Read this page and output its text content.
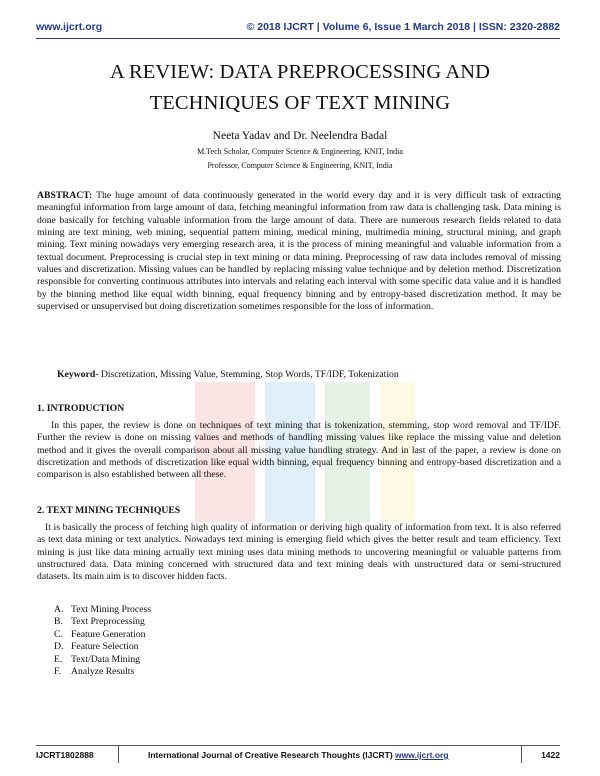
www.ijcrt.org	© 2018 IJCRT | Volume 6, Issue 1 March 2018 | ISSN: 2320-2882
A REVIEW: DATA PREPROCESSING AND
TECHNIQUES OF TEXT MINING
Neeta Yadav and Dr. Neelendra Badal
M.Tech Scholar, Computer Science & Engineering, KNIT, India
Professor, Computer Science & Engineering, KNIT, India
ABSTRACT: The huge amount of data continuously generated in the world every day and it is very difficult task of extracting meaningful information from large amount of data, fetching meaningful information from raw data is challenging task. Data mining is done basically for fetching valuable information from the large amount of data. There are numerous research fields related to data mining are text mining, web mining, sequential pattern mining, medical mining, multimedia mining, structural mining, and graph mining. Text mining nowadays very emerging research area, it is the process of mining meaningful and valuable information from a textual document. Preprocessing is crucial step in text mining or data mining. Preprocessing of raw data includes removal of missing values and discretization. Missing values can be handled by replacing missing value technique and by deletion method. Discretization responsible for converting continuous attributes into intervals and relating each interval with some specific data value and it is handled by the binning method like equal width binning, equal frequency binning and by entropy-based discretization method. It may be supervised or unsupervised but doing discretization sometimes responsible for the loss of information.
Keyword- Discretization, Missing Value, Stemming, Stop Words, TF/IDF, Tokenization
1. INTRODUCTION
In this paper, the review is done on techniques of text mining that is tokenization, stemming, stop word removal and TF/IDF. Further the review is done on missing values and methods of handling missing values like replace the missing value and deletion method and it gives the overall comparison about all missing value handling strategy. And in last of the paper, a review is done on discretization and methods of discretization like equal width binning, equal frequency binning and entropy-based discretization and a comparison is also established between all these.
2. TEXT MINING TECHNIQUES
It is basically the process of fetching high quality of information or deriving high quality of information from text. It is also referred as text data mining or text analytics. Nowadays text mining is emerging field which gives the better result and team efficiency. Text mining is just like data mining actually text mining uses data mining methods to uncovering meaningful or valuable patterns from unstructured data. Data mining concerned with structured data and text mining deals with unstructured data or semi-structured datasets. Its main aim is to discover hidden facts.
A. Text Mining Process
B. Text Preprocessing
C. Feature Generation
D. Feature Selection
E. Text/Data Mining
F. Analyze Results
IJCRT1802888	International Journal of Creative Research Thoughts (IJCRT) www.ijcrt.org	1422
